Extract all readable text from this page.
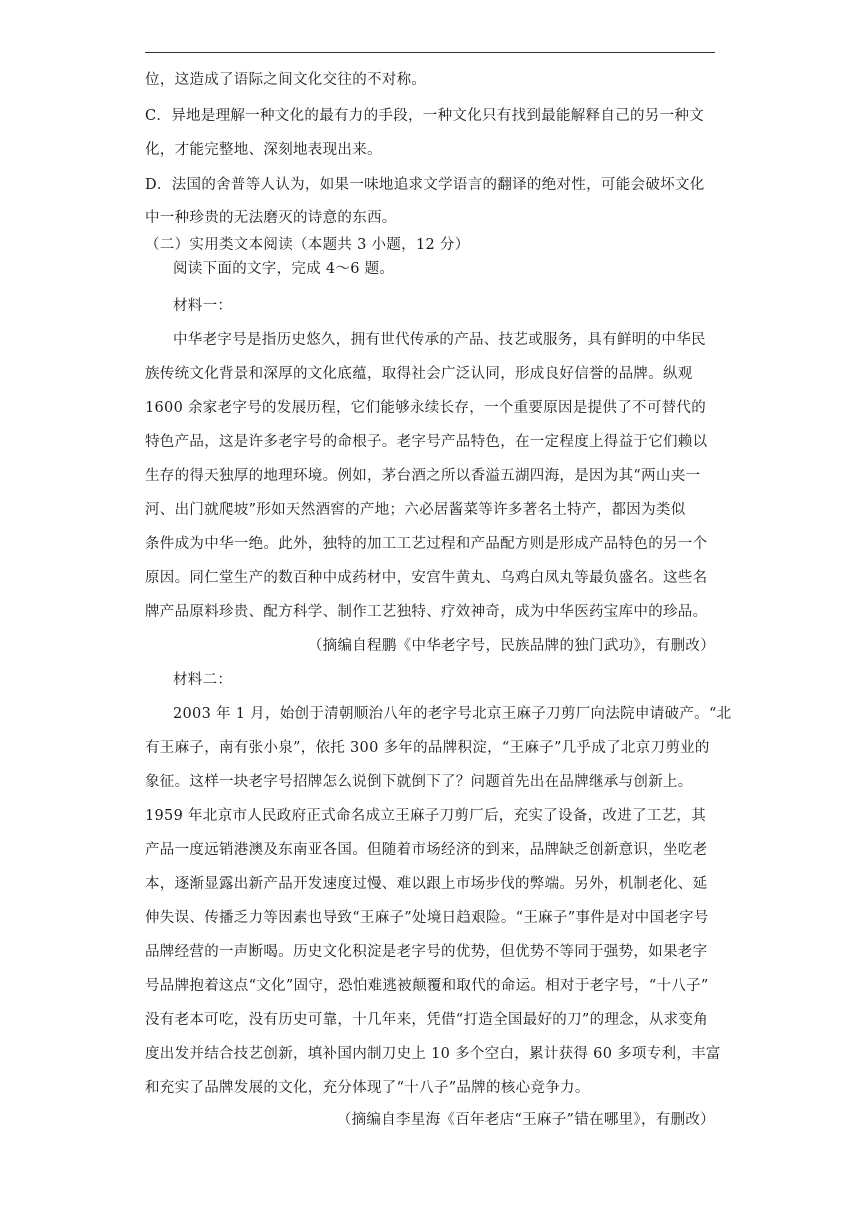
位，这造成了语际之间文化交往的不对称。
C．异地是理解一种文化的最有力的手段，一种文化只有找到最能解释自己的另一种文
化，才能完整地、深刻地表现出来。
D．法国的舍普等人认为，如果一味地追求文学语言的翻译的绝对性，可能会破坏文化
中一种珍贵的无法磨灭的诗意的东西。
（二）实用类文本阅读（本题共 3 小题，12 分）
阅读下面的文字，完成 4～6 题。
材料一：
中华老字号是指历史悠久，拥有世代传承的产品、技艺或服务，具有鲜明的中华民
族传统文化背景和深厚的文化底蕴，取得社会广泛认同，形成良好信誉的品牌。纵观
1600 余家老字号的发展历程，它们能够永续长存，一个重要原因是提供了不可替代的
特色产品，这是许多老字号的命根子。老字号产品特色，在一定程度上得益于它们赖以
生存的得天独厚的地理环境。例如，茅台酒之所以香溢五湖四海，是因为其“两山夹一
河、出门就爬坡”形如天然酒窖的产地；六必居酱菜等许多著名土特产，都因为类似
条件成为中华一绝。此外，独特的加工工艺过程和产品配方则是形成产品特色的另一个
原因。同仁堂生产的数百种中成药材中，安宫牛黄丸、乌鸡白凤丸等最负盛名。这些名
牌产品原料珍贵、配方科学、制作工艺独特、疗效神奇，成为中华医药宝库中的珍品。
（摘编自程鹏《中华老字号，民族品牌的独门武功》，有删改）
材料二：
2003 年 1 月，始创于清朝顺治八年的老字号北京王麻子刀剪厂向法院申请破产。“北
有王麻子，南有张小泉”，依托 300 多年的品牌积淀，“王麻子”几乎成了北京刀剪业的
象征。这样一块老字号招牌怎么说倒下就倒下了？问题首先出在品牌继承与创新上。
1959 年北京市人民政府正式命名成立王麻子刀剪厂后，充实了设备，改进了工艺，其
产品一度远销港澳及东南亚各国。但随着市场经济的到来，品牌缺乏创新意识，坐吃老
本，逐渐显露出新产品开发速度过慢、难以跟上市场步伐的弊端。另外，机制老化、延
伸失误、传播乏力等因素也导致“王麻子”处境日趋艰险。“王麻子”事件是对中国老字号
品牌经营的一声断喝。历史文化积淀是老字号的优势，但优势不等同于强势，如果老字
号品牌抱着这点“文化”固守，恐怕难逃被颠覆和取代的命运。相对于老字号，“十八子”
没有老本可吃，没有历史可靠，十几年来，凭借“打造全国最好的刀”的理念，从求变角
度出发并结合技艺创新，填补国内制刀史上 10 多个空白，累计获得 60 多项专利，丰富
和充实了品牌发展的文化，充分体现了“十八子”品牌的核心竞争力。
（摘编自李星海《百年老店“王麻子”错在哪里》，有删改）
